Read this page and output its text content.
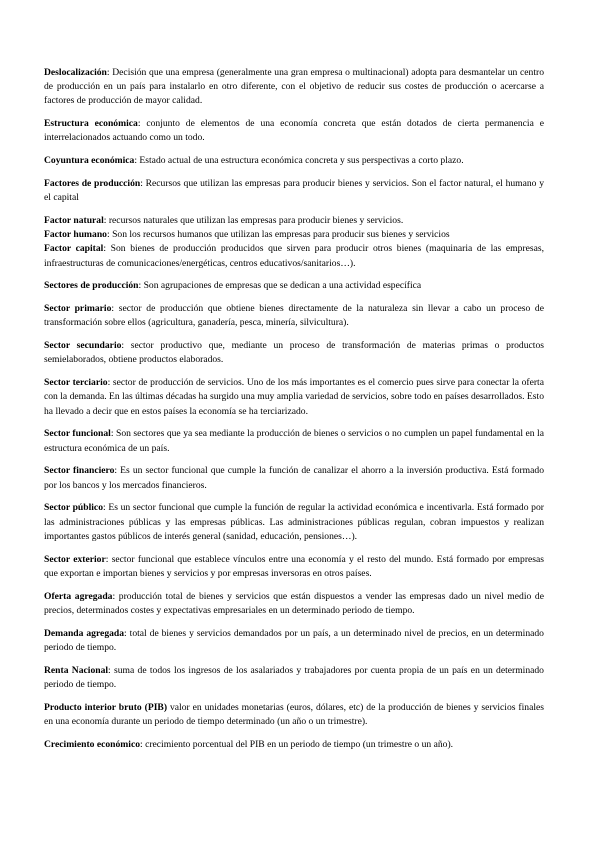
Deslocalización: Decisión que una empresa (generalmente una gran empresa o multinacional) adopta para desmantelar un centro de producción en un país para instalarlo en otro diferente, con el objetivo de reducir sus costes de producción o acercarse a factores de producción de mayor calidad.

Estructura económica: conjunto de elementos de una economía concreta que están dotados de cierta permanencia e interrelacionados actuando como un todo.

Coyuntura económica: Estado actual de una estructura económica concreta y sus perspectivas a corto plazo.

Factores de producción: Recursos que utilizan las empresas para producir bienes y servicios. Son el factor natural, el humano y el capital

Factor natural: recursos naturales que utilizan las empresas para producir bienes y servicios.

Factor humano: Son los recursos humanos que utilizan las empresas para producir sus bienes y servicios

Factor capital: Son bienes de producción producidos que sirven para producir otros bienes (maquinaria de las empresas, infraestructuras de comunicaciones/energéticas, centros educativos/sanitarios…).

Sectores de producción: Son agrupaciones de empresas que se dedican a una actividad específica

Sector primario: sector de producción que obtiene bienes directamente de la naturaleza sin llevar a cabo un proceso de transformación sobre ellos (agricultura, ganadería, pesca, minería, silvicultura).

Sector secundario: sector productivo que, mediante un proceso de transformación de materias primas o productos semielaborados, obtiene productos elaborados.

Sector terciario: sector de producción de servicios. Uno de los más importantes es el comercio pues sirve para conectar la oferta con la demanda. En las últimas décadas ha surgido una muy amplia variedad de servicios, sobre todo en países desarrollados. Esto ha llevado a decir que en estos países la economía se ha terciarizado.

Sector funcional: Son sectores que ya sea mediante la producción de bienes o servicios o no cumplen un papel fundamental en la estructura económica de un país.

Sector financiero: Es un sector funcional que cumple la función de canalizar el ahorro a la inversión productiva. Está formado por los bancos y los mercados financieros.

Sector público: Es un sector funcional que cumple la función de regular la actividad económica e incentivarla. Está formado por las administraciones públicas y las empresas públicas. Las administraciones públicas regulan, cobran impuestos y realizan importantes gastos públicos de interés general (sanidad, educación, pensiones…).

Sector exterior: sector funcional que establece vínculos entre una economía y el resto del mundo. Está formado por empresas que exportan e importan bienes y servicios y por empresas inversoras en otros países.

Oferta agregada: producción total de bienes y servicios que están dispuestos a vender las empresas dado un nivel medio de precios, determinados costes y expectativas empresariales en un determinado periodo de tiempo.

Demanda agregada: total de bienes y servicios demandados por un país, a un determinado nivel de precios, en un determinado periodo de tiempo.

Renta Nacional: suma de todos los ingresos de los asalariados y trabajadores por cuenta propia de un país en un determinado periodo de tiempo.

Producto interior bruto (PIB) valor en unidades monetarias (euros, dólares, etc) de la producción de bienes y servicios finales en una economía durante un periodo de tiempo determinado (un año o un trimestre).

Crecimiento económico: crecimiento porcentual del PIB en un periodo de tiempo (un trimestre o un año).
